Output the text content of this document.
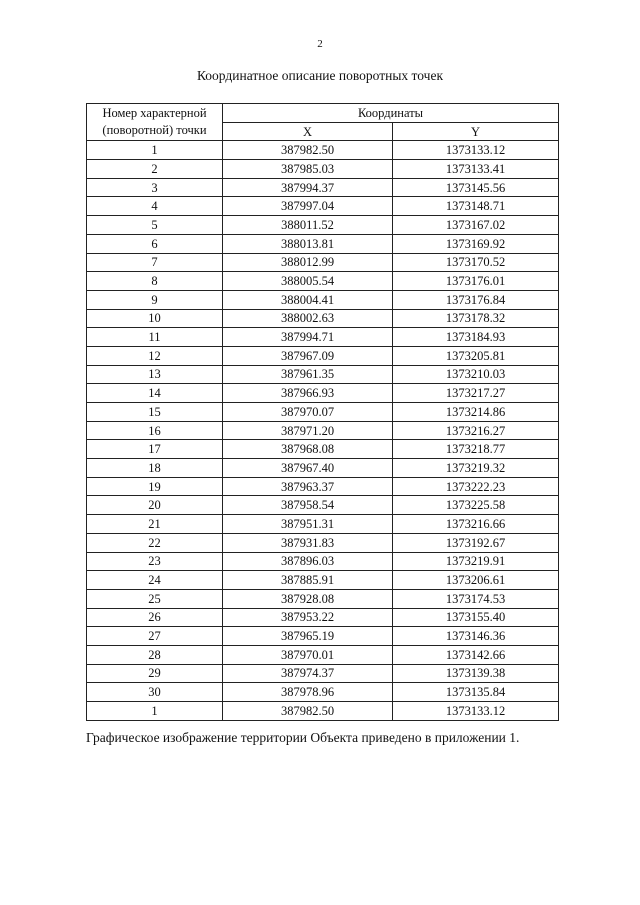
2
Координатное описание поворотных точек
Номер характерной
(поворотной) точки	Координаты	
	X	Y
1	387982.50	1373133.12
2	387985.03	1373133.41
3	387994.37	1373145.56
4	387997.04	1373148.71
5	388011.52	1373167.02
6	388013.81	1373169.92
7	388012.99	1373170.52
8	388005.54	1373176.01
9	388004.41	1373176.84
10	388002.63	1373178.32
11	387994.71	1373184.93
12	387967.09	1373205.81
13	387961.35	1373210.03
14	387966.93	1373217.27
15	387970.07	1373214.86
16	387971.20	1373216.27
17	387968.08	1373218.77
18	387967.40	1373219.32
19	387963.37	1373222.23
20	387958.54	1373225.58
21	387951.31	1373216.66
22	387931.83	1373192.67
23	387896.03	1373219.91
24	387885.91	1373206.61
25	387928.08	1373174.53
26	387953.22	1373155.40
27	387965.19	1373146.36
28	387970.01	1373142.66
29	387974.37	1373139.38
30	387978.96	1373135.84
1	387982.50	1373133.12
Графическое изображение территории Объекта приведено в приложении 1.
